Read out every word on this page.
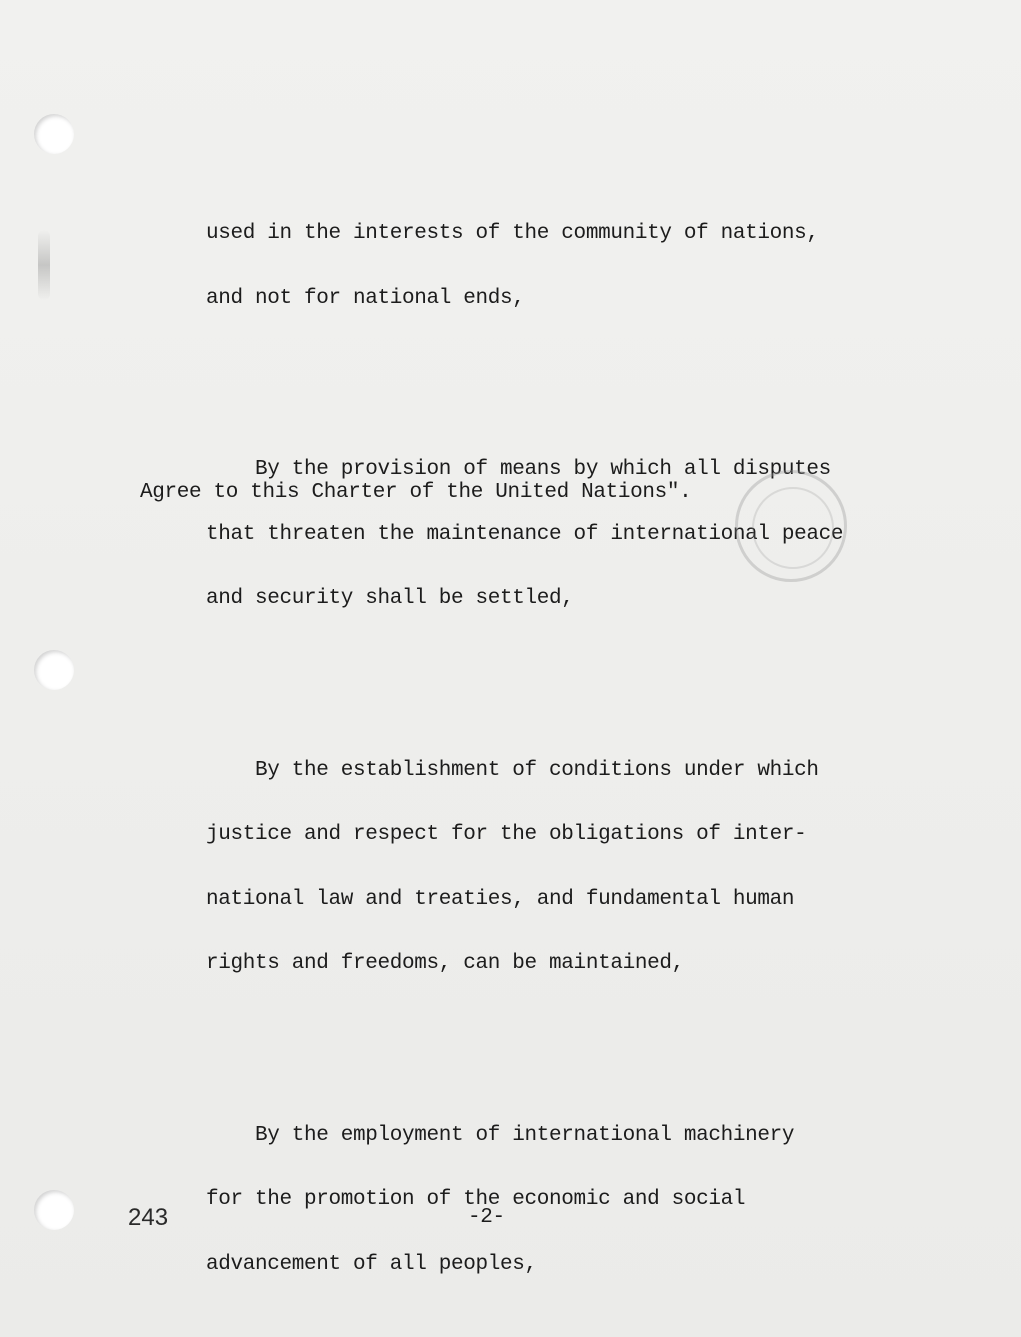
used in the interests of the community of nations,

and not for national ends,

By the provision of means by which all disputes

that threaten the maintenance of international peace

and security shall be settled,

By the establishment of conditions under which

justice and respect for the obligations of inter-

national law and treaties, and fundamental human

rights and freedoms, can be maintained,

By the employment of international machinery

for the promotion of the economic and social

advancement of all peoples,

Agree to this Charter of the United Nations".
243	-2-
